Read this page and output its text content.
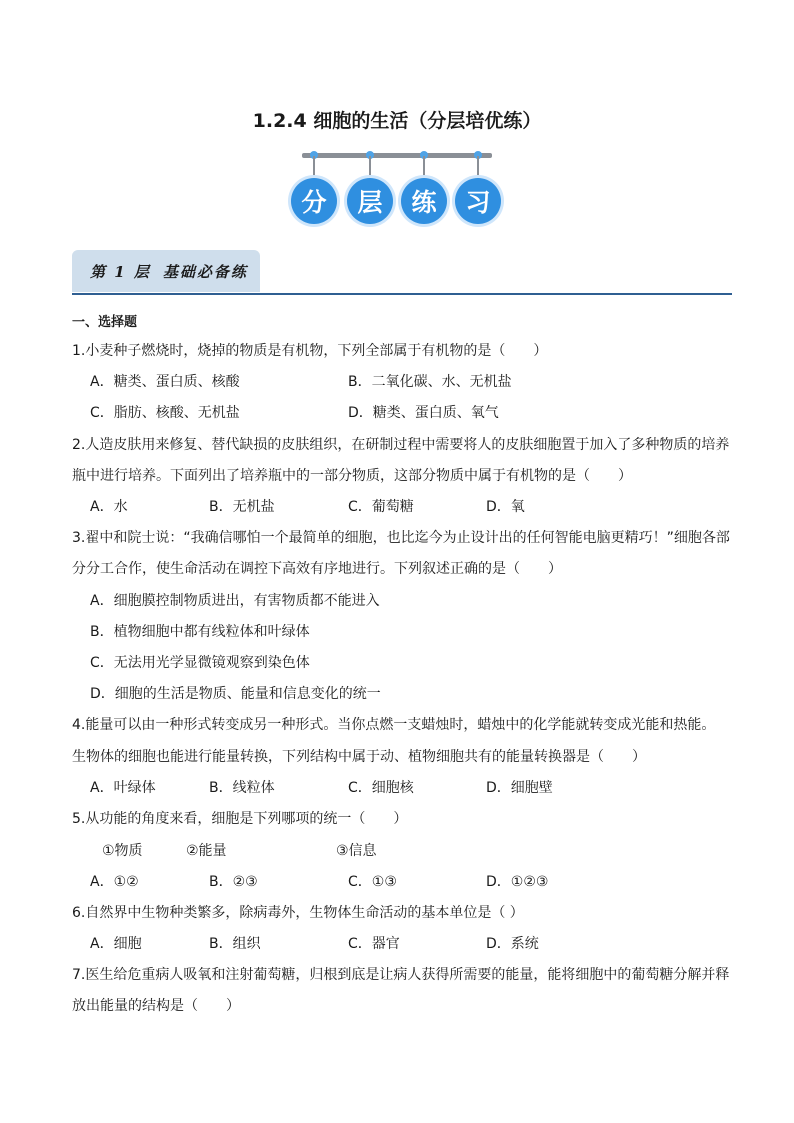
1.2.4 细胞的生活（分层培优练）
分	层	练	习
第 1 层 基础必备练
一、选择题
1.小麦种子燃烧时，烧掉的物质是有机物，下列全部属于有机物的是（　　）
A．糖类、蛋白质、核酸	B．二氧化碳、水、无机盐
C．脂肪、核酸、无机盐	D．糖类、蛋白质、氧气
2.人造皮肤用来修复、替代缺损的皮肤组织，在研制过程中需要将人的皮肤细胞置于加入了多种物质的培养
瓶中进行培养。下面列出了培养瓶中的一部分物质，这部分物质中属于有机物的是（　　）
A．水	B．无机盐	C．葡萄糖	D．氧
3.翟中和院士说：“我确信哪怕一个最简单的细胞，也比迄今为止设计出的任何智能电脑更精巧！”细胞各部
分分工合作，使生命活动在调控下高效有序地进行。下列叙述正确的是（　　）
A．细胞膜控制物质进出，有害物质都不能进入
B．植物细胞中都有线粒体和叶绿体
C．无法用光学显微镜观察到染色体
D．细胞的生活是物质、能量和信息变化的统一
4.能量可以由一种形式转变成另一种形式。当你点燃一支蜡烛时，蜡烛中的化学能就转变成光能和热能。
生物体的细胞也能进行能量转换，下列结构中属于动、植物细胞共有的能量转换器是（　　）
A．叶绿体	B．线粒体	C．细胞核	D．细胞壁
5.从功能的角度来看，细胞是下列哪项的统一（　　）
①物质	②能量	③信息
A．①②	B．②③	C．①③	D．①②③
6.自然界中生物种类繁多，除病毒外，生物体生命活动的基本单位是（ ）
A．细胞	B．组织	C．器官	D．系统
7.医生给危重病人吸氧和注射葡萄糖，归根到底是让病人获得所需要的能量，能将细胞中的葡萄糖分解并释
放出能量的结构是（　　）
